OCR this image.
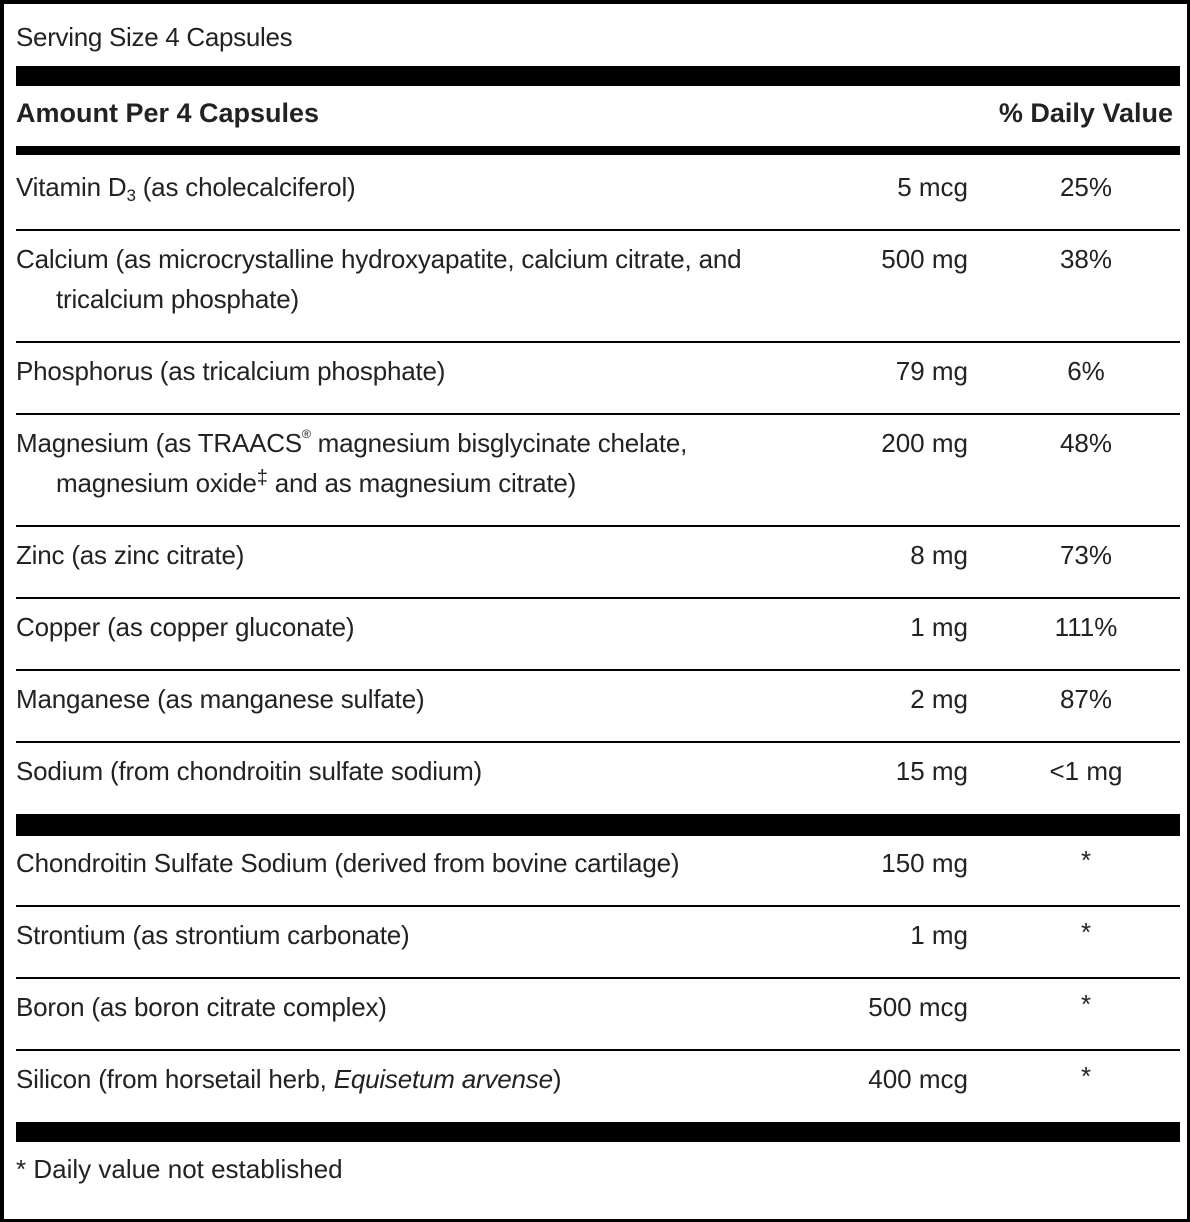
Serving Size 4 Capsules
Amount Per 4 Capsules	% Daily Value
Vitamin $D_3$ (as cholecalciferol)	5 mcg	25%
Calcium (as microcrystalline hydroxyapatite, calcium citrate, and
tricalcium phosphate)
500 mg	38%
Phosphorus (as tricalcium phosphate)	79 mg	6%
Magnesium (as TRAACS® magnesium bisglycinate chelate,
magnesium oxide‡ and as magnesium citrate)
200 mg	48%
Zinc (as zinc citrate)	8 mg	73%
Copper (as copper gluconate)	1 mg	111%
Manganese (as manganese sulfate)	2 mg	87%
Sodium (from chondroitin sulfate sodium)	15 mg	<1 mg
Chondroitin Sulfate Sodium (derived from bovine cartilage)	150 mg	*
Strontium (as strontium carbonate)	1 mg	*
Boron (as boron citrate complex)	500 mcg	*
Silicon (from horsetail herb, Equisetum arvense)	400 mcg	*
* Daily value not established
